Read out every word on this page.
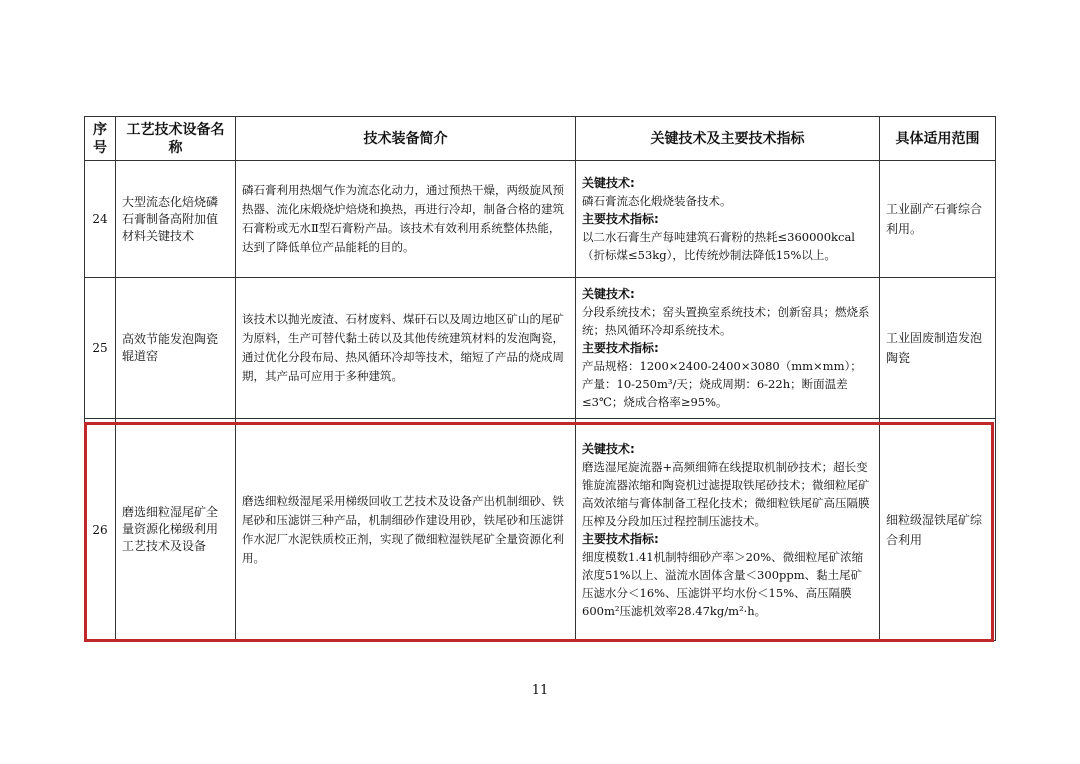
序号	工艺技术设备名称	技术装备简介	关键技术及主要技术指标	具体适用范围
24	大型流态化焙烧磷石膏制备高附加值材料关键技术	磷石膏利用热烟气作为流态化动力，通过预热干燥，两级旋风预热器、流化床煅烧炉焙烧和换热，再进行冷却，制备合格的建筑石膏粉或无水Ⅱ型石膏粉产品。该技术有效利用系统整体热能，达到了降低单位产品能耗的目的。	关键技术:
磷石膏流态化煅烧装备技术。
主要技术指标:
以二水石膏生产每吨建筑石膏粉的热耗≤360000kcal（折标煤≤53kg），比传统炒制法降低15%以上。	工业副产石膏综合利用。
25	高效节能发泡陶瓷辊道窑	该技术以抛光废渣、石材废料、煤矸石以及周边地区矿山的尾矿为原料，生产可替代黏土砖以及其他传统建筑材料的发泡陶瓷，通过优化分段布局、热风循环冷却等技术，缩短了产品的烧成周期，其产品可应用于多种建筑。	关键技术:
分段系统技术；窑头置换室系统技术；创新窑具；燃烧系统；热风循环冷却系统技术。
主要技术指标:
产品规格：1200×2400-2400×3080（mm×mm）；产量：10-250m³/天；烧成周期：6-22h；断面温差≤3℃；烧成合格率≥95%。	工业固废制造发泡陶瓷
26	磨选细粒湿尾矿全量资源化梯级利用工艺技术及设备	磨选细粒级湿尾采用梯级回收工艺技术及设备产出机制细砂、铁尾砂和压滤饼三种产品，机制细砂作建设用砂，铁尾砂和压滤饼作水泥厂水泥铁质校正剂，实现了微细粒湿铁尾矿全量资源化利用。	关键技术:
磨选湿尾旋流器+高频细筛在线提取机制砂技术；超长变锥旋流器浓缩和陶瓷机过滤提取铁尾砂技术；微细粒尾矿高效浓缩与膏体制备工程化技术；微细粒铁尾矿高压隔膜压榨及分段加压过程控制压滤技术。
主要技术指标:
细度模数1.41机制特细砂产率＞20%、微细粒尾矿浓缩浓度51%以上、溢流水固体含量＜300ppm、黏土尾矿压滤水分＜16%、压滤饼平均水份＜15%、高压隔膜600m²压滤机效率28.47kg/m²·h。	细粒级湿铁尾矿综合利用
11
